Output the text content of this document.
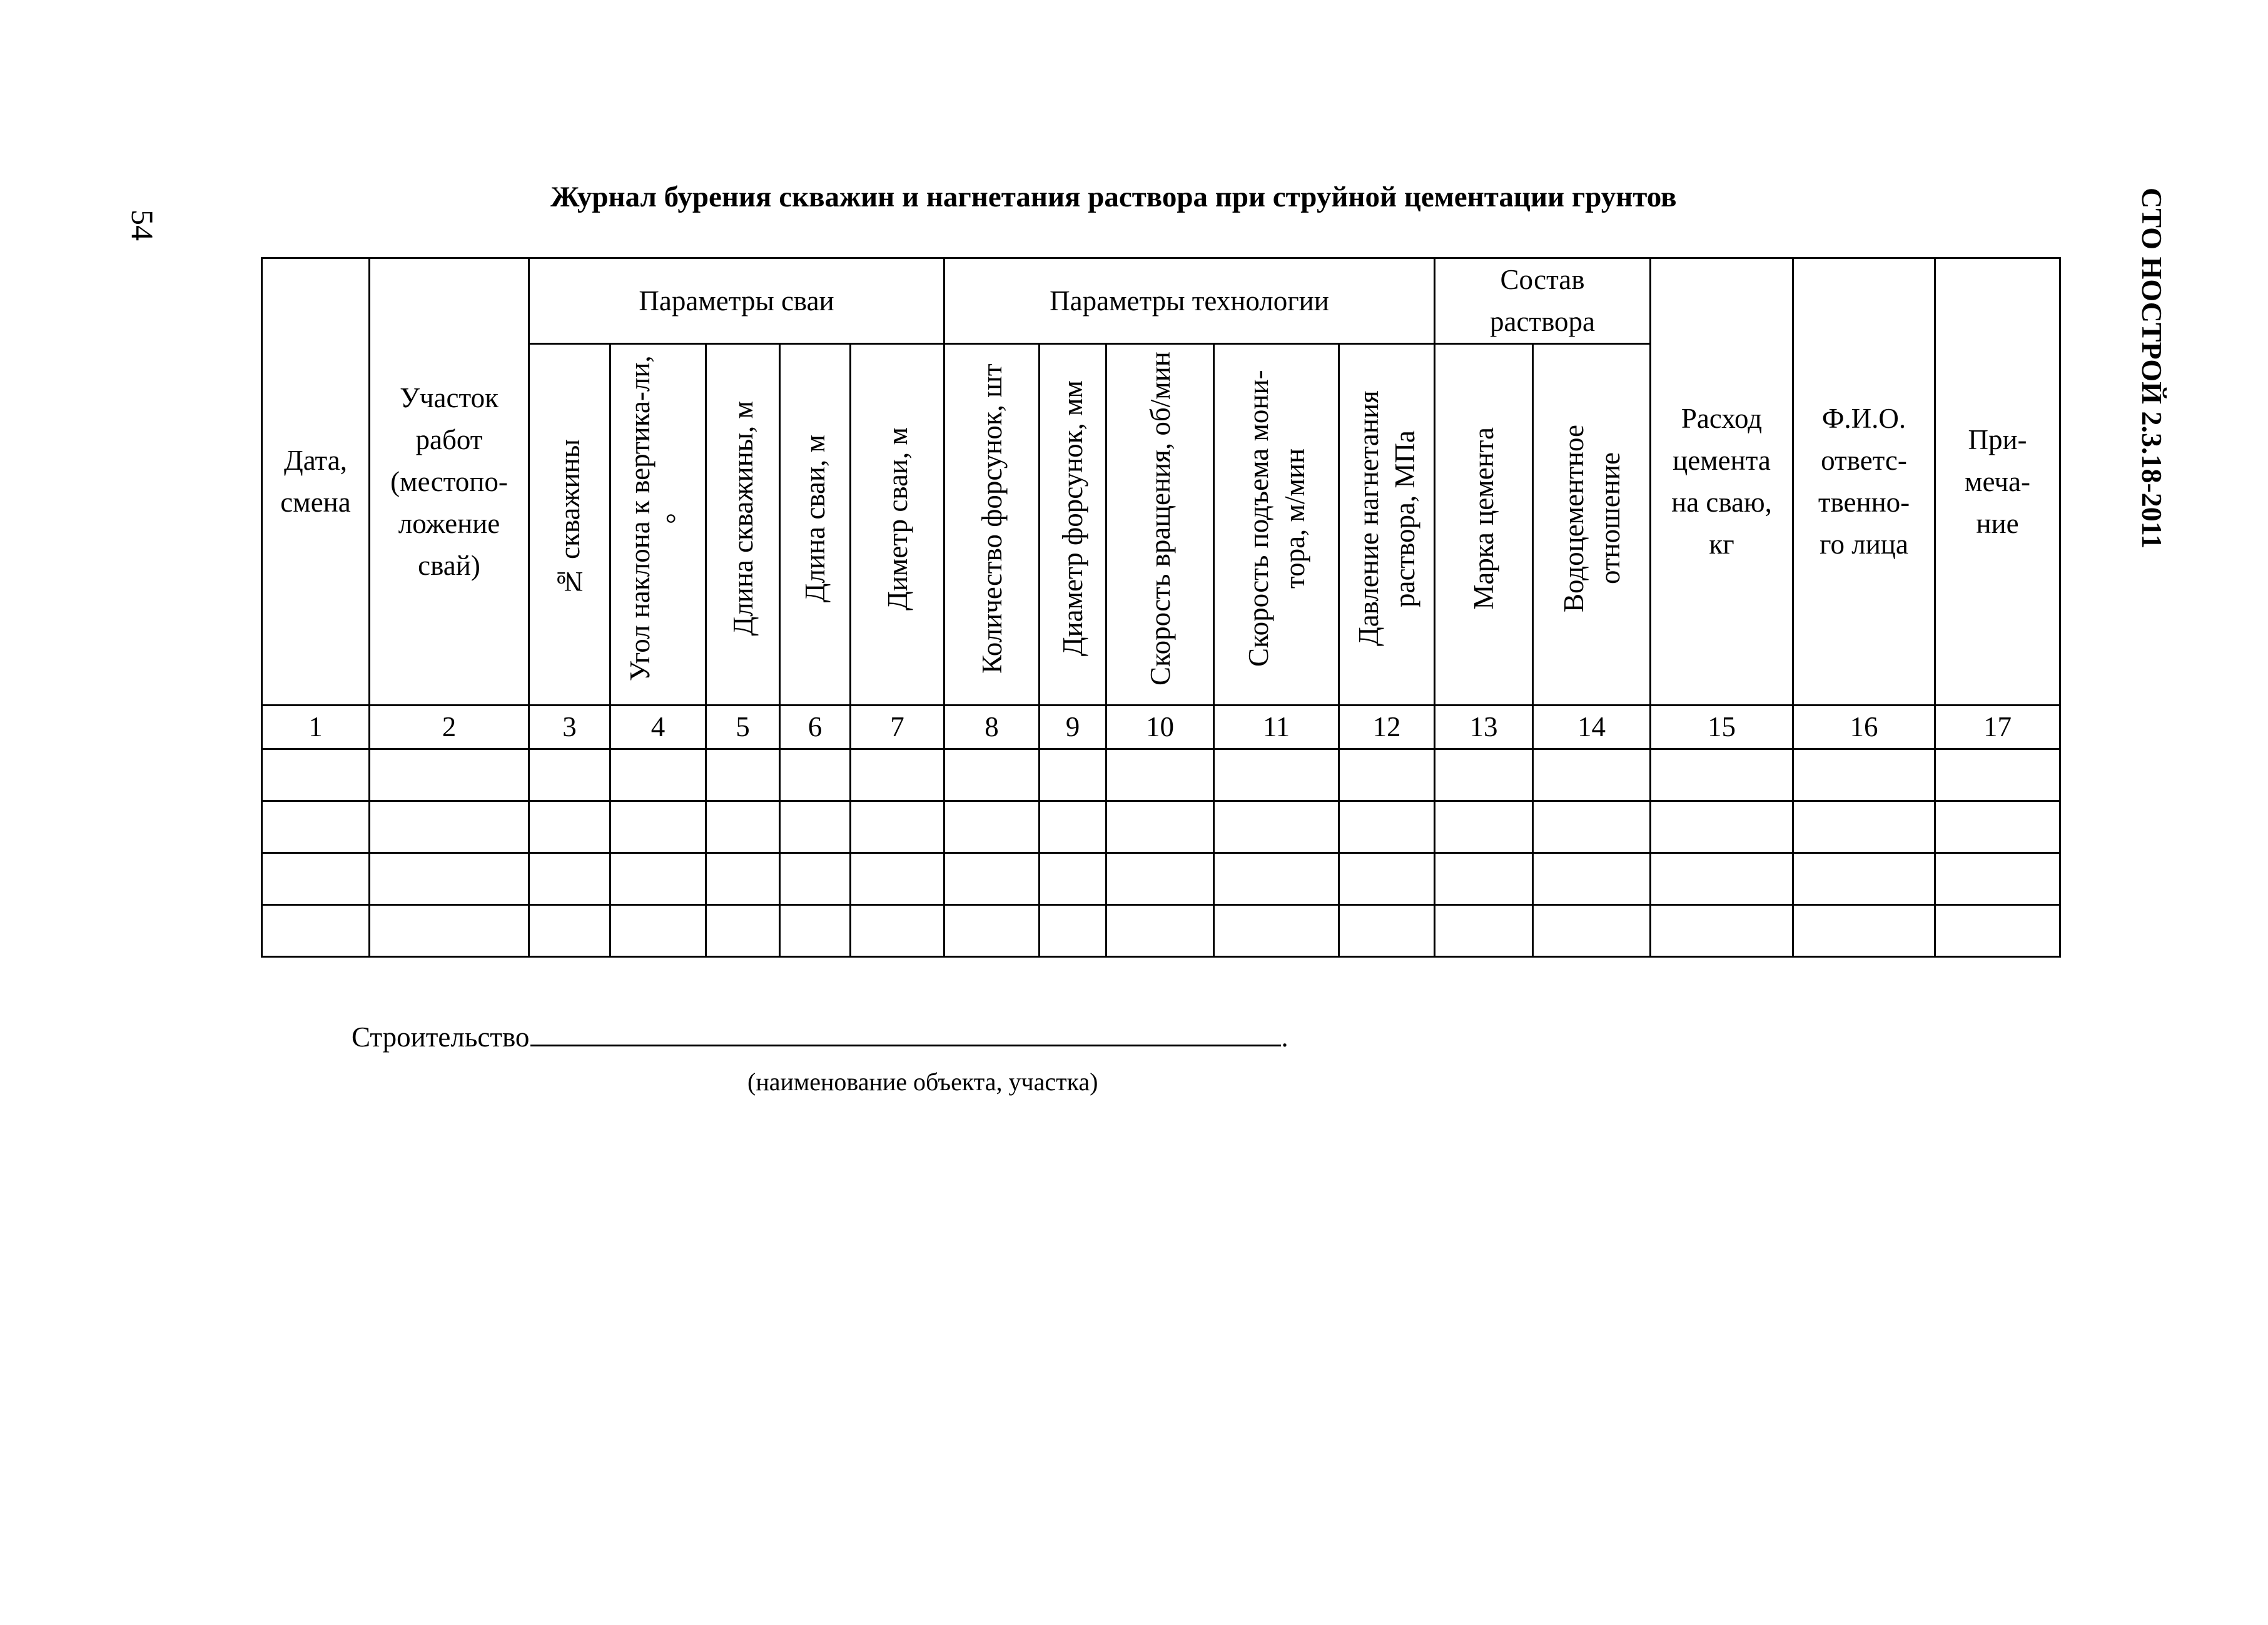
54	СТО НОСТРОЙ 2.3.18-2011
Журнал бурения скважин и нагнетания раствора при струйной цементации грунтов
Дата, смена	Участок работ (местопо-ложение свай)	Параметры сваи					Параметры технологии					Состав раствора		Расход цемента на сваю, кг	Ф.И.О. ответс-твенно-го лица	При-меча-ние
		№ скважины	Угол наклона к вертика-ли, °	Длина скважины, м	Длина сваи, м	Диметр сваи, м	Количество форсунок, шт	Диаметр форсунок, мм	Скорость вращения, об/мин	Скорость подъема мони-тора, м/мин	Давление нагнетания раствора, МПа	Марка цемента	Водоцементное отношение			
1	2	3	4	5	6	7	8	9	10	11	12	13	14	15	16	17

Строительство	.
(наименование объекта, участка)
